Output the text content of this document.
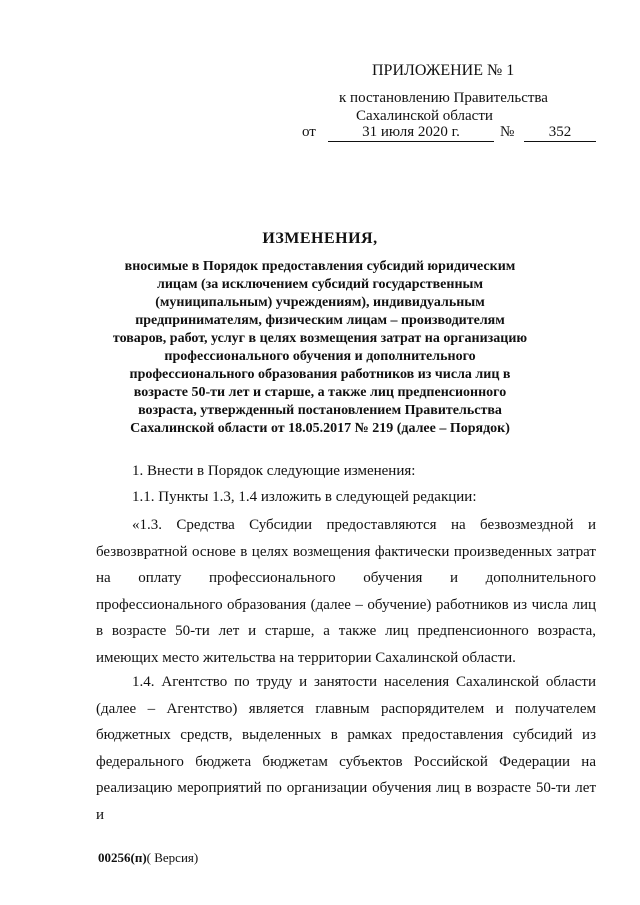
ПРИЛОЖЕНИЕ № 1
к постановлению Правительства
Сахалинской области
от	31 июля 2020 г.	№	352
ИЗМЕНЕНИЯ,

вносимые в Порядок предоставления субсидий юридическим лицам (за исключением субсидий государственным (муниципальным) учреждениям), индивидуальным предпринимателям, физическим лицам – производителям товаров, работ, услуг в целях возмещения затрат на организацию профессионального обучения и дополнительного профессионального образования работников из числа лиц в возрасте 50-ти лет и старше, а также лиц предпенсионного возраста, утвержденный постановлением Правительства Сахалинской области от 18.05.2017 № 219 (далее – Порядок)

1. Внести в Порядок следующие изменения:

1.1. Пункты 1.3, 1.4 изложить в следующей редакции:

«1.3. Средства Субсидии предоставляются на безвозмездной и безвозвратной основе в целях возмещения фактически произведенных затрат на оплату профессионального обучения и дополнительного профессионального образования (далее – обучение) работников из числа лиц в возрасте 50-ти лет и старше, а также лиц предпенсионного возраста, имеющих место жительства на территории Сахалинской области.

1.4. Агентство по труду и занятости населения Сахалинской области (далее – Агентство) является главным распорядителем и получателем бюджетных средств, выделенных в рамках предоставления субсидий из федерального бюджета бюджетам субъектов Российской Федерации на реализацию мероприятий по организации обучения лиц в возрасте 50-ти лет и

00256(п)( Версия)
